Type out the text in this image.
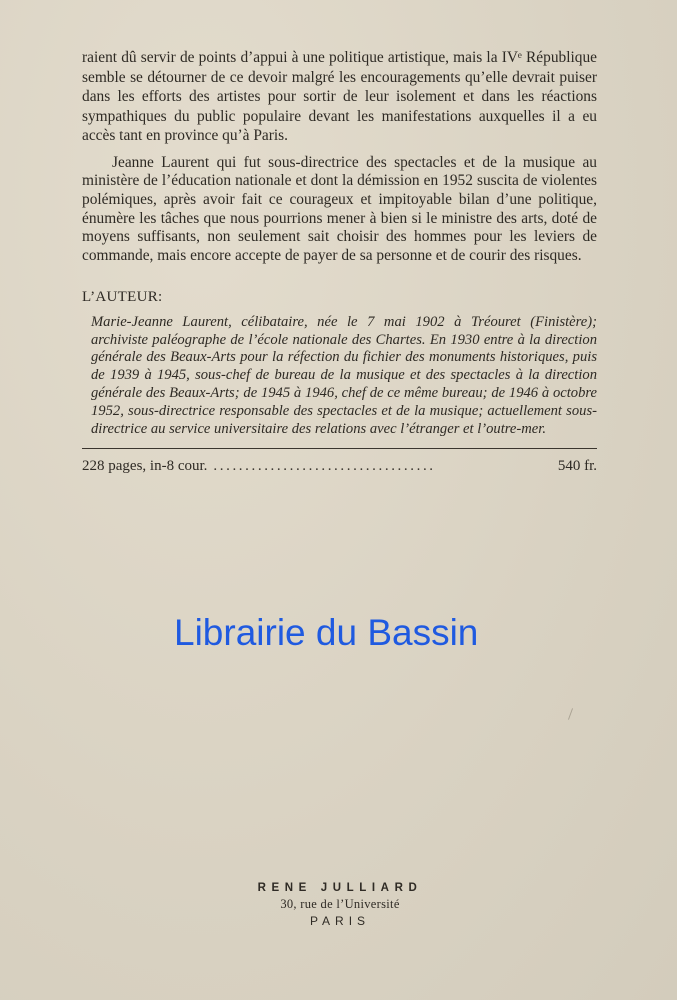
raient dû servir de points d’appui à une politique artistique, mais la IVᵉ République semble se détourner de ce devoir malgré les encouragements qu’elle devrait puiser dans les efforts des artistes pour sortir de leur isolement et dans les réactions sympathiques du public populaire devant les manifestations auxquelles il a eu accès tant en province qu’à Paris.

Jeanne Laurent qui fut sous-directrice des spectacles et de la musique au ministère de l’éducation nationale et dont la démission en 1952 suscita de violentes polémiques, après avoir fait ce courageux et impitoyable bilan d’une politique, énumère les tâches que nous pourrions mener à bien si le ministre des arts, doté de moyens suffisants, non seulement sait choisir des hommes pour les leviers de commande, mais encore accepte de payer de sa personne et de courir des risques.

L’AUTEUR:

Marie-Jeanne Laurent, célibataire, née le 7 mai 1902 à Tréouret (Finistère); archiviste paléographe de l’école nationale des Chartes. En 1930 entre à la direction générale des Beaux-Arts pour la réfection du fichier des monuments historiques, puis de 1939 à 1945, sous-chef de bureau de la musique et des spectacles à la direction générale des Beaux-Arts; de 1945 à 1946, chef de ce même bureau; de 1946 à octobre 1952, sous-directrice responsable des spectacles et de la musique; actuellement sous-directrice au service universitaire des relations avec l’étranger et l’outre-mer.

228 pages, in-8 cour. ...................................	540 fr.
Librairie du Bassin
RENE JULLIARD
30, rue de l’Université
PARIS
